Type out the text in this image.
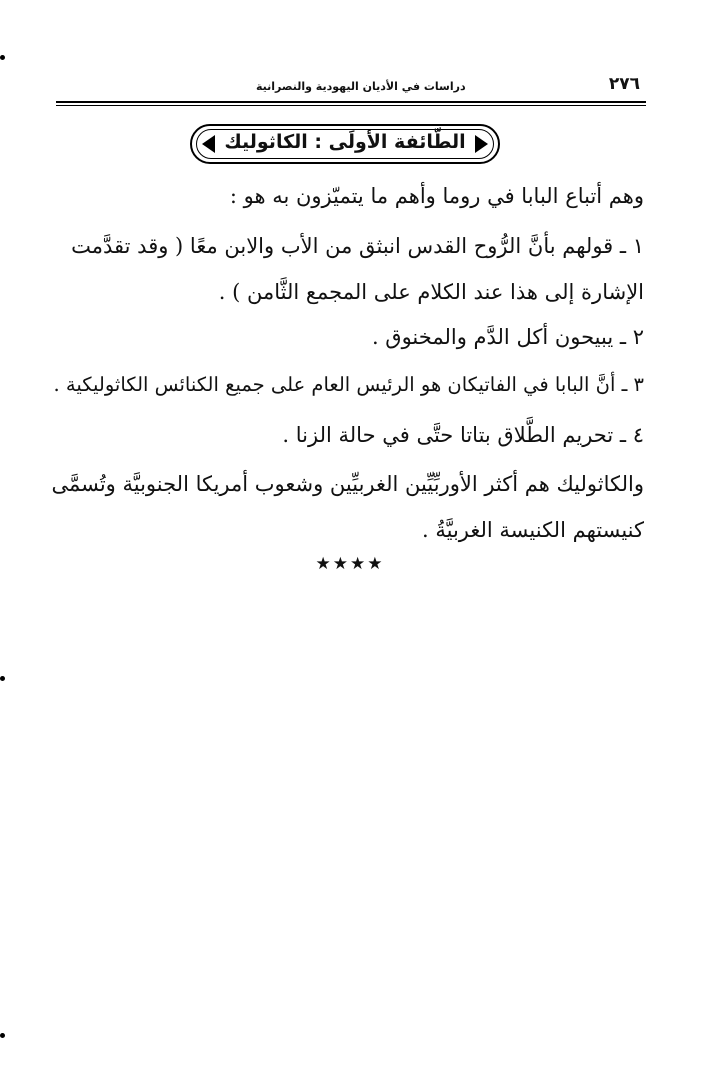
٢٧٦
دراسات في الأديان اليهودية والنصرانية
الطّائفة الأولَى : الكاثوليك
وهم أتباع البابا في روما وأهم ما يتميّزون به هو :
١ ـ قولهم بأنَّ الرُّوح القدس انبثق من الأب والابن معًا ( وقد تقدَّمت
الإشارة إلى هذا عند الكلام على المجمع الثَّامن ) .
٢ ـ يبيحون أكل الدَّم والمخنوق .
٣ ـ أنَّ البابا في الفاتيكان هو الرئيس العام على جميع الكنائس الكاثوليكية .
٤ ـ تحريم الطَّلاق بتاتا حتَّى في حالة الزنا .
والكاثوليك هم أكثر الأوربِّيِّين الغربيِّين وشعوب أمريكا الجنوبيَّة وتُسمَّى
كنيستهم الكنيسة الغربيَّةُ .
★★★★
